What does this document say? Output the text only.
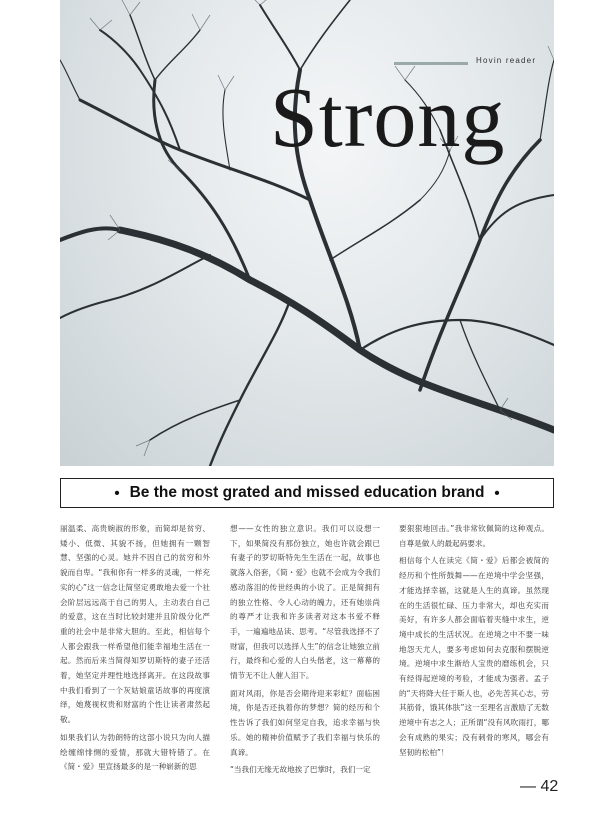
Hovin reader
Strong
• Be the most grated and missed education brand •

丽温柔、高贵婉淑的形象，而简却是贫穷、矮小、低微、其貌不扬，但她拥有一颗智慧、坚强的心灵。她并不因自己的贫穷和外貌而自卑。“我和你有一样多的灵魂，一样充实的心”这一信念让简坚定勇敢地去爱一个社会阶层远远高于自己的男人，主动表白自己的爱意，这在当时比较封建并且阶级分化严重的社会中是非常大胆的。至此，相信每个人都会跟我一样希望他们能幸福地生活在一起。然而后来当简得知罗切斯特的妻子还活着，她坚定并理性地选择离开。在这段故事中我们看到了一个灰姑娘童话故事的再度演绎，她蔑视权贵和财富的个性让读者肃然起敬。

如果我们认为勃朗特的这部小说只为向人描绘缠绵悱恻的爱情，那就大错特错了。在《简・爱》里宣扬最多的是一种崭新的思

想——女性的独立意识。我们可以设想一下，如果简没有那份独立，她也许就会跟已有妻子的罗切斯特先生生活在一起，故事也就落入俗套，《简・爱》也就不会成为令我们感动落泪的传世经典的小说了。正是简拥有的独立性格、令人心动的魄力，还有她崇尚的尊严才让我和许多读者对这本书爱不释手，一遍遍地品读、思考。“尽管我选择不了财富，但我可以选择人生”的信念让她独立前行，最终和心爱的人白头偕老，这一幕幕的情节无不让人催人泪下。

面对风雨，你是否会期待迎来彩虹？面临困境，你是否还执着你的梦想？简的经历和个性告诉了我们如何坚定自我，追求幸福与快乐。她的精神价值赋予了我们幸福与快乐的真谛。

“当我们无缘无故地挨了巴掌时，我们一定

要狠狠地回击。”我非常钦佩简的这种观点。自尊是做人的最起码要求。

相信每个人在读完《简・爱》后都会被简的经历和个性所鼓舞——在逆境中学会坚强，才能选择幸福，这就是人生的真谛。虽然现在的生活很忙碌、压力非常大，却也充实而美好，有许多人都会面临着夹缝中求生，逆境中成长的生活状况。在逆境之中不要一味地怨天尤人，要多考虑如何去克服和摆脱逆境。逆境中求生渐给人宝贵的磨练机会，只有经得起逆境的考验，才能成为强者。孟子的“天将降大任于斯人也，必先苦其心志，劳其筋骨，饿其体肤”这一至理名言激励了无数逆境中有志之人；正所谓“没有风吹雨打，哪会有成熟的果实；没有刺骨的寒风，哪会有坚韧的松柏”！

— 42
